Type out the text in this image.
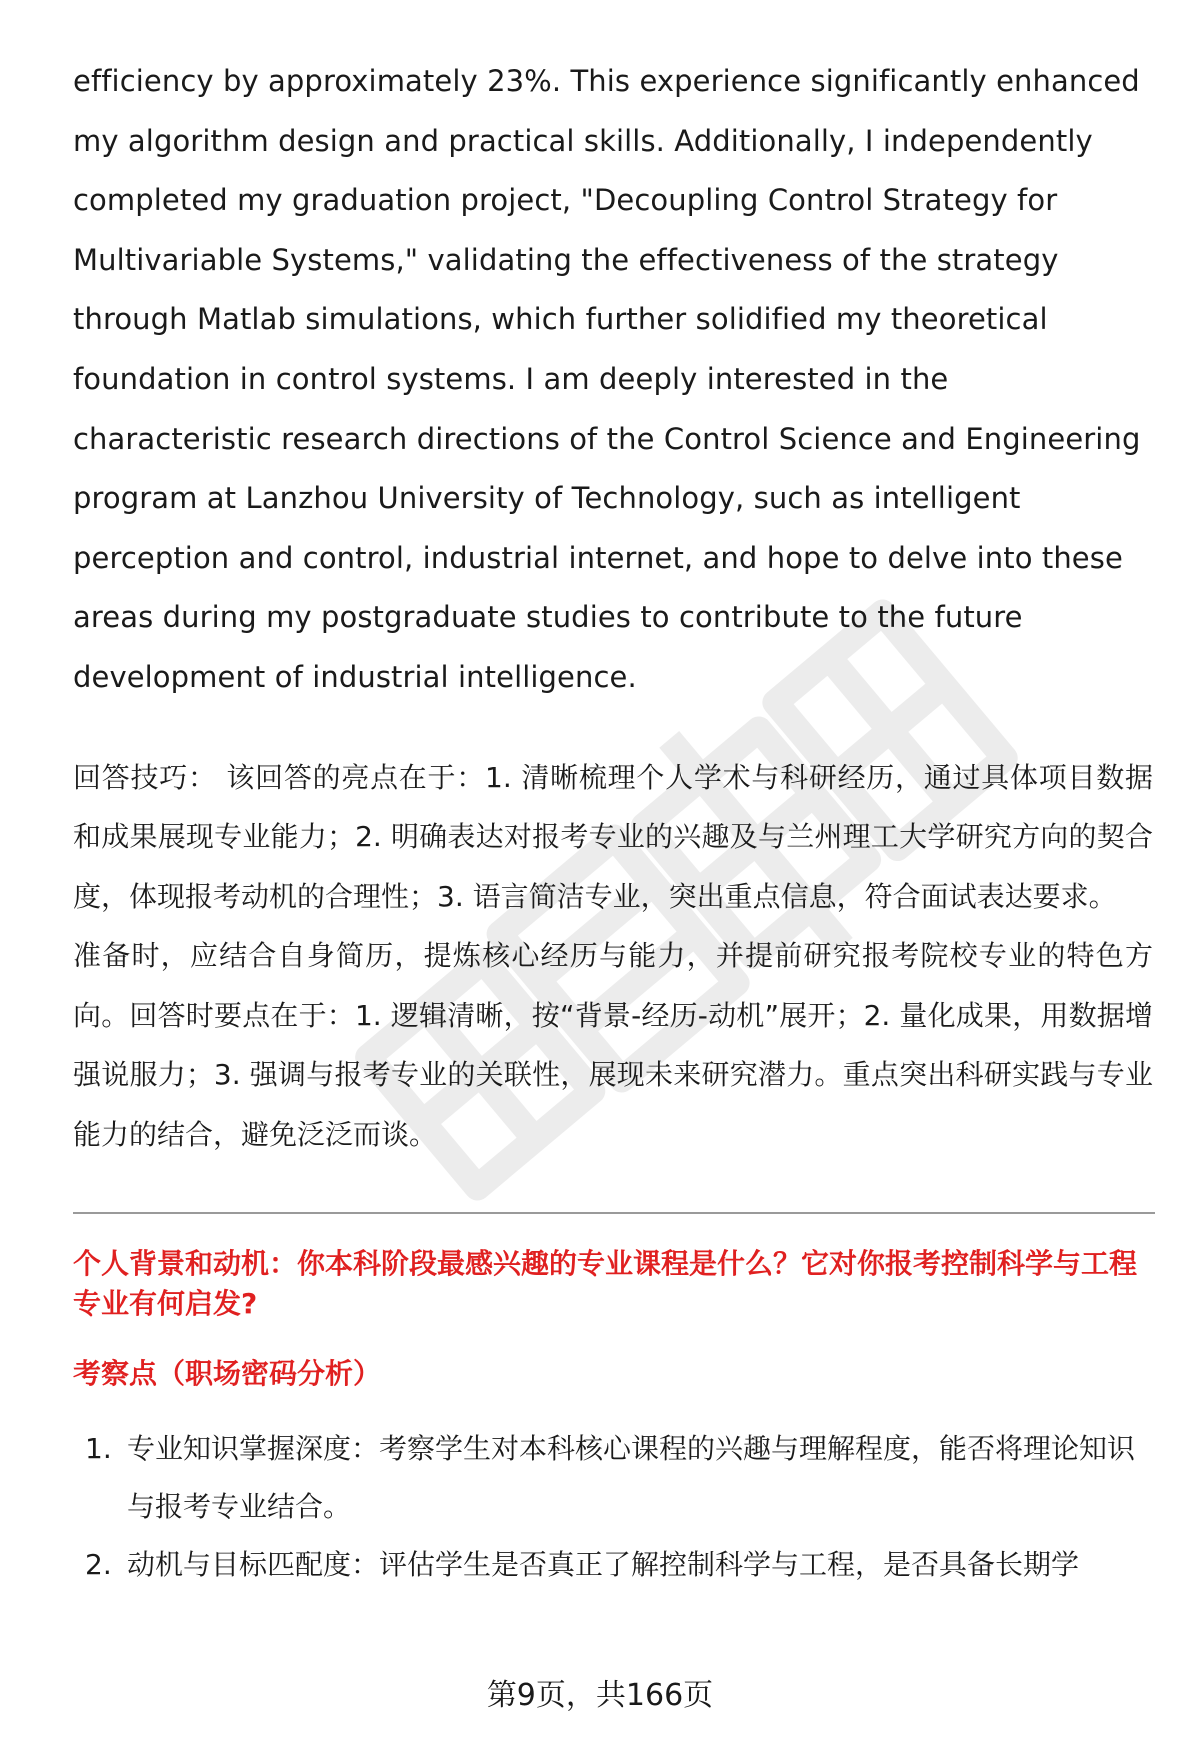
efficiency by approximately 23%. This experience significantly enhanced my algorithm design and practical skills. Additionally, I independently completed my graduation project, "Decoupling Control Strategy for Multivariable Systems," validating the effectiveness of the strategy through Matlab simulations, which further solidified my theoretical foundation in control systems. I am deeply interested in the characteristic research directions of the Control Science and Engineering program at Lanzhou University of Technology, such as intelligent perception and control, industrial internet, and hope to delve into these areas during my postgraduate studies to contribute to the future development of industrial intelligence.

回答技巧： 该回答的亮点在于：1. 清晰梳理个人学术与科研经历，通过具体项目数据和成果展现专业能力；2. 明确表达对报考专业的兴趣及与兰州理工大学研究方向的契合度，体现报考动机的合理性；3. 语言简洁专业，突出重点信息，符合面试表达要求。

准备时，应结合自身简历，提炼核心经历与能力，并提前研究报考院校专业的特色方向。回答时要点在于：1. 逻辑清晰，按“背景-经历-动机”展开；2. 量化成果，用数据增强说服力；3. 强调与报考专业的关联性，展现未来研究潜力。重点突出科研实践与专业能力的结合，避免泛泛而谈。

个人背景和动机：你本科阶段最感兴趣的专业课程是什么？它对你报考控制科学与工程专业有何启发?
考察点（职场密码分析）
1. 专业知识掌握深度：考察学生对本科核心课程的兴趣与理解程度，能否将理论知识与报考专业结合。
2. 动机与目标匹配度：评估学生是否真正了解控制科学与工程，是否具备长期学
第9页，共166页
